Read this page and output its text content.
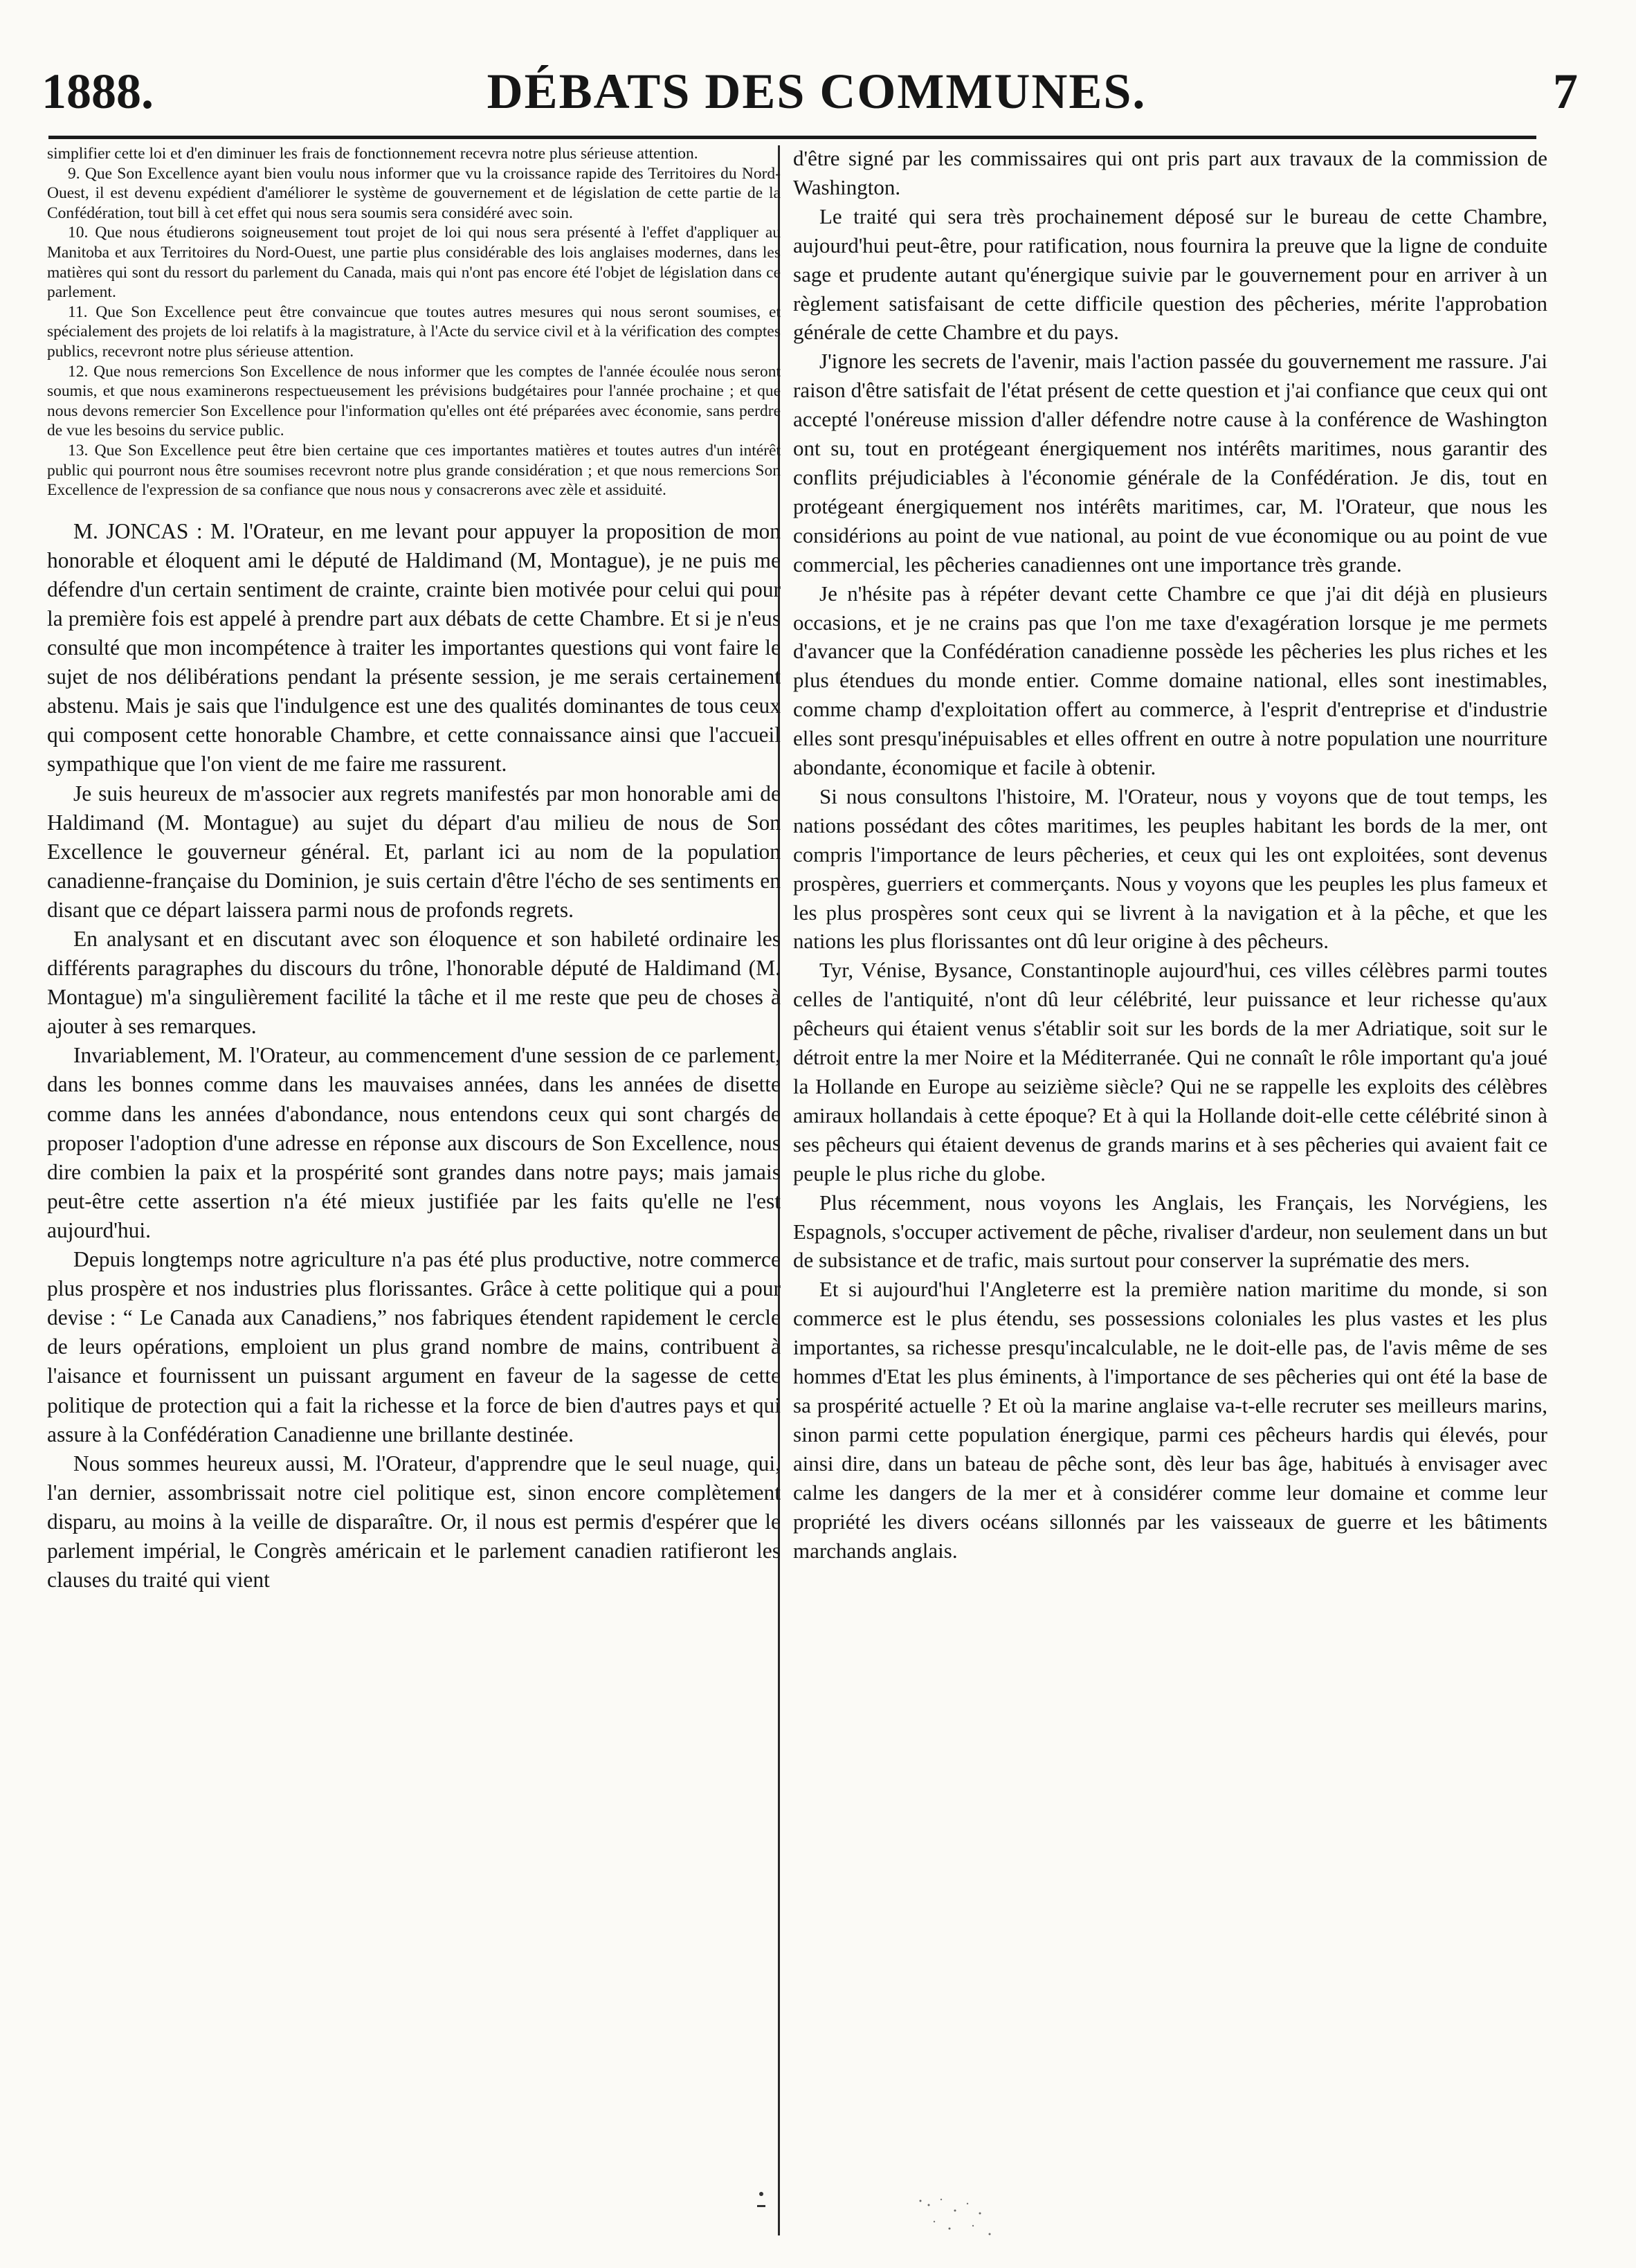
1888.	DÉBATS DES COMMUNES.	7

simplifier cette loi et d'en diminuer les frais de fonctionnement recevra notre plus sérieuse attention.

9. Que Son Excellence ayant bien voulu nous informer que vu la croissance rapide des Territoires du Nord-Ouest, il est devenu expédient d'améliorer le système de gouvernement et de législation de cette partie de la Confédération, tout bill à cet effet qui nous sera soumis sera considéré avec soin.

10. Que nous étudierons soigneusement tout projet de loi qui nous sera présenté à l'effet d'appliquer au Manitoba et aux Territoires du Nord-Ouest, une partie plus considérable des lois anglaises modernes, dans les matières qui sont du ressort du parlement du Canada, mais qui n'ont pas encore été l'objet de législation dans ce parlement.

11. Que Son Excellence peut être convaincue que toutes autres mesures qui nous seront soumises, et spécialement des projets de loi relatifs à la magistrature, à l'Acte du service civil et à la vérification des comptes publics, recevront notre plus sérieuse attention.

12. Que nous remercions Son Excellence de nous informer que les comptes de l'année écoulée nous seront soumis, et que nous examinerons respectueusement les prévisions budgétaires pour l'année prochaine ; et que nous devons remercier Son Excellence pour l'information qu'elles ont été préparées avec économie, sans perdre de vue les besoins du service public.

13. Que Son Excellence peut être bien certaine que ces importantes matières et toutes autres d'un intérêt public qui pourront nous être soumises recevront notre plus grande considération ; et que nous remercions Son Excellence de l'expression de sa confiance que nous nous y consacrerons avec zèle et assiduité.

M. JONCAS : M. l'Orateur, en me levant pour appuyer la proposition de mon honorable et éloquent ami le député de Haldimand (M, Montague), je ne puis me défendre d'un certain sentiment de crainte, crainte bien motivée pour celui qui pour la première fois est appelé à prendre part aux débats de cette Chambre. Et si je n'eus consulté que mon incompétence à traiter les importantes questions qui vont faire le sujet de nos délibérations pendant la présente session, je me serais certainement abstenu. Mais je sais que l'indulgence est une des qualités dominantes de tous ceux qui composent cette honorable Chambre, et cette connaissance ainsi que l'accueil sympathique que l'on vient de me faire me rassurent.

Je suis heureux de m'associer aux regrets manifestés par mon honorable ami de Haldimand (M. Montague) au sujet du départ d'au milieu de nous de Son Excellence le gouverneur général. Et, parlant ici au nom de la population canadienne-française du Dominion, je suis certain d'être l'écho de ses sentiments en disant que ce départ laissera parmi nous de profonds regrets.

En analysant et en discutant avec son éloquence et son habileté ordinaire les différents paragraphes du discours du trône, l'honorable député de Haldimand (M. Montague) m'a singulièrement facilité la tâche et il me reste que peu de choses à ajouter à ses remarques.

Invariablement, M. l'Orateur, au commencement d'une session de ce parlement, dans les bonnes comme dans les mauvaises années, dans les années de disette comme dans les années d'abondance, nous entendons ceux qui sont chargés de proposer l'adoption d'une adresse en réponse aux discours de Son Excellence, nous dire combien la paix et la prospérité sont grandes dans notre pays; mais jamais peut-être cette assertion n'a été mieux justifiée par les faits qu'elle ne l'est aujourd'hui.

Depuis longtemps notre agriculture n'a pas été plus productive, notre commerce plus prospère et nos industries plus florissantes. Grâce à cette politique qui a pour devise : “ Le Canada aux Canadiens,” nos fabriques étendent rapidement le cercle de leurs opérations, emploient un plus grand nombre de mains, contribuent à l'aisance et fournissent un puissant argument en faveur de la sagesse de cette politique de protection qui a fait la richesse et la force de bien d'autres pays et qui assure à la Confédération Canadienne une brillante destinée.

Nous sommes heureux aussi, M. l'Orateur, d'apprendre que le seul nuage, qui, l'an dernier, assombrissait notre ciel politique est, sinon encore complètement disparu, au moins à la veille de disparaître. Or, il nous est permis d'espérer que le parlement impérial, le Congrès américain et le parlement canadien ratifieront les clauses du traité qui vient

d'être signé par les commissaires qui ont pris part aux travaux de la commission de Washington.

Le traité qui sera très prochainement déposé sur le bureau de cette Chambre, aujourd'hui peut-être, pour ratification, nous fournira la preuve que la ligne de conduite sage et prudente autant qu'énergique suivie par le gouvernement pour en arriver à un règlement satisfaisant de cette difficile question des pêcheries, mérite l'approbation générale de cette Chambre et du pays.

J'ignore les secrets de l'avenir, mais l'action passée du gouvernement me rassure. J'ai raison d'être satisfait de l'état présent de cette question et j'ai confiance que ceux qui ont accepté l'onéreuse mission d'aller défendre notre cause à la conférence de Washington ont su, tout en protégeant énergiquement nos intérêts maritimes, nous garantir des conflits préjudiciables à l'économie générale de la Confédération. Je dis, tout en protégeant énergiquement nos intérêts maritimes, car, M. l'Orateur, que nous les considérions au point de vue national, au point de vue économique ou au point de vue commercial, les pêcheries canadiennes ont une importance très grande.

Je n'hésite pas à répéter devant cette Chambre ce que j'ai dit déjà en plusieurs occasions, et je ne crains pas que l'on me taxe d'exagération lorsque je me permets d'avancer que la Confédération canadienne possède les pêcheries les plus riches et les plus étendues du monde entier. Comme domaine national, elles sont inestimables, comme champ d'exploitation offert au commerce, à l'esprit d'entreprise et d'industrie elles sont presqu'inépuisables et elles offrent en outre à notre population une nourriture abondante, économique et facile à obtenir.

Si nous consultons l'histoire, M. l'Orateur, nous y voyons que de tout temps, les nations possédant des côtes maritimes, les peuples habitant les bords de la mer, ont compris l'importance de leurs pêcheries, et ceux qui les ont exploitées, sont devenus prospères, guerriers et commerçants. Nous y voyons que les peuples les plus fameux et les plus prospères sont ceux qui se livrent à la navigation et à la pêche, et que les nations les plus florissantes ont dû leur origine à des pêcheurs.

Tyr, Vénise, Bysance, Constantinople aujourd'hui, ces villes célèbres parmi toutes celles de l'antiquité, n'ont dû leur célébrité, leur puissance et leur richesse qu'aux pêcheurs qui étaient venus s'établir soit sur les bords de la mer Adriatique, soit sur le détroit entre la mer Noire et la Méditerranée. Qui ne connaît le rôle important qu'a joué la Hollande en Europe au seizième siècle? Qui ne se rappelle les exploits des célèbres amiraux hollandais à cette époque? Et à qui la Hollande doit-elle cette célébrité sinon à ses pêcheurs qui étaient devenus de grands marins et à ses pêcheries qui avaient fait ce peuple le plus riche du globe.

Plus récemment, nous voyons les Anglais, les Français, les Norvégiens, les Espagnols, s'occuper activement de pêche, rivaliser d'ardeur, non seulement dans un but de subsistance et de trafic, mais surtout pour conserver la suprématie des mers.

Et si aujourd'hui l'Angleterre est la première nation maritime du monde, si son commerce est le plus étendu, ses possessions coloniales les plus vastes et les plus importantes, sa richesse presqu'incalculable, ne le doit-elle pas, de l'avis même de ses hommes d'Etat les plus éminents, à l'importance de ses pêcheries qui ont été la base de sa prospérité actuelle ? Et où la marine anglaise va-t-elle recruter ses meilleurs marins, sinon parmi cette population énergique, parmi ces pêcheurs hardis qui élevés, pour ainsi dire, dans un bateau de pêche sont, dès leur bas âge, habitués à envisager avec calme les dangers de la mer et à considérer comme leur domaine et comme leur propriété les divers océans sillonnés par les vaisseaux de guerre et les bâtiments marchands anglais.
